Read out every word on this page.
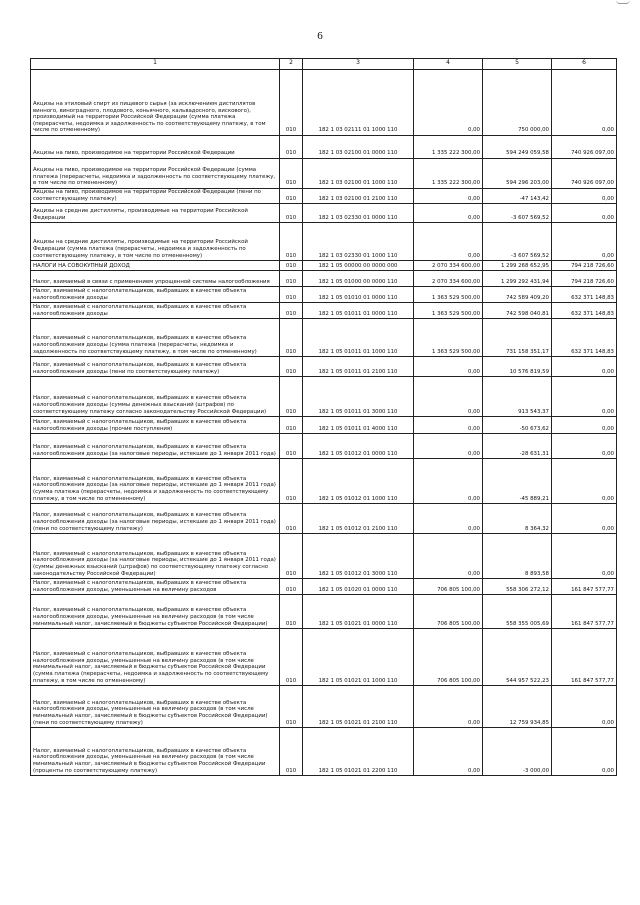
6
1	2	3	4	5	6
Акцизы на этиловый спирт из пищевого сырья (за исключением дистиллятов винного, виноградного, плодового, коньячного, кальвадосного, вискового), производимый на территории Российской Федерации (сумма платежа (перерасчеты, недоимка и задолженность по соответствующему платежу, в том числе по отмененному)	010	182 1 03 02111 01 1000 110	0,00	750 000,00	0,00
Акцизы на пиво, производимое на территории Российской Федерации	010	182 1 03 02100 01 0000 110	1 335 222 300,00	594 249 059,58	740 926 097,00
Акцизы на пиво, производимое на территории Российской Федерации (сумма платежа (перерасчеты, недоимка и задолженность по соответствующему платежу, в том числе по отмененному)	010	182 1 03 02100 01 1000 110	1 335 222 300,00	594 296 203,00	740 926 097,00
Акцизы на пиво, производимое на территории Российской Федерации (пени по соответствующему платежу)	010	182 1 03 02100 01 2100 110	0,00	-47 143,42	0,00
Акцизы на средние дистилляты, производимые на территории Российской Федерации	010	182 1 03 02330 01 0000 110	0,00	-3 607 569,52	0,00
Акцизы на средние дистилляты, производимые на территории Российской Федерации (сумма платежа (перерасчеты, недоимка и задолженность по соответствующему платежу, в том числе по отмененному)	010	182 1 03 02330 01 1000 110	0,00	-3 607 569,52	0,00
НАЛОГИ НА СОВОКУПНЫЙ ДОХОД	010	182 1 05 00000 00 0000 000	2 070 334 600,00	1 299 268 652,95	794 218 726,60
Налог, взимаемый в связи с применением упрощенной системы налогообложения	010	182 1 05 01000 00 0000 110	2 070 334 600,00	1 299 292 431,94	794 218 726,60
Налог, взимаемый с налогоплательщиков, выбравших в качестве объекта налогообложения доходы	010	182 1 05 01010 01 0000 110	1 363 529 500,00	742 589 409,20	632 371 148,83
Налог, взимаемый с налогоплательщиков, выбравших в качестве объекта налогообложения доходы	010	182 1 05 01011 01 0000 110	1 363 529 500,00	742 598 040,81	632 371 148,83
Налог, взимаемый с налогоплательщиков, выбравших в качестве объекта налогообложения доходы (сумма платежа (перерасчеты, недоимка и задолженность по соответствующему платежу, в том числе по отмененному)	010	182 1 05 01011 01 1000 110	1 363 529 500,00	731 158 351,17	632 371 148,83
Налог, взимаемый с налогоплательщиков, выбравших в качестве объекта налогообложения доходы (пени по соответствующему платежу)	010	182 1 05 01011 01 2100 110	0,00	10 576 819,59	0,00
Налог, взимаемый с налогоплательщиков, выбравших в качестве объекта налогообложения доходы (суммы денежных взысканий (штрафов) по соответствующему платежу согласно законодательству Российской Федерации)	010	182 1 05 01011 01 3000 110	0,00	913 543,37	0,00
Налог, взимаемый с налогоплательщиков, выбравших в качестве объекта налогообложения доходы (прочие поступления)	010	182 1 05 01011 01 4000 110	0,00	-50 673,62	0,00
Налог, взимаемый с налогоплательщиков, выбравших в качестве объекта налогообложения доходы (за налоговые периоды, истекшие до 1 января 2011 года)	010	182 1 05 01012 01 0000 110	0,00	-28 631,31	0,00
Налог, взимаемый с налогоплательщиков, выбравших в качестве объекта налогообложения доходы (за налоговые периоды, истекшие до 1 января 2011 года) (сумма платежа (перерасчеты, недоимка и задолженность по соответствующему платежу, в том числе по отмененному)	010	182 1 05 01012 01 1000 110	0,00	-45 889,21	0,00
Налог, взимаемый с налогоплательщиков, выбравших в качестве объекта налогообложения доходы (за налоговые периоды, истекшие до 1 января 2011 года) (пени по соответствующему платежу)	010	182 1 05 01012 01 2100 110	0,00	8 364,32	0,00
Налог, взимаемый с налогоплательщиков, выбравших в качестве объекта налогообложения доходы (за налоговые периоды, истекшие до 1 января 2011 года) (суммы денежных взысканий (штрафов) по соответствующему платежу согласно законодательству Российской Федерации)	010	182 1 05 01012 01 3000 110	0,00	8 893,58	0,00
Налог, взимаемый с налогоплательщиков, выбравших в качестве объекта налогообложения доходы, уменьшенные на величину расходов	010	182 1 05 01020 01 0000 110	706 805 100,00	558 306 272,12	161 847 577,77
Налог, взимаемый с налогоплательщиков, выбравших в качестве объекта налогообложения доходы, уменьшенные на величину расходов (в том числе минимальный налог, зачисляемый в бюджеты субъектов Российской Федерации)	010	182 1 05 01021 01 0000 110	706 805 100,00	558 355 005,69	161 847 577,77
Налог, взимаемый с налогоплательщиков, выбравших в качестве объекта налогообложения доходы, уменьшенные на величину расходов (в том числе минимальный налог, зачисляемый в бюджеты субъектов Российской Федерации (сумма платежа (перерасчеты, недоимка и задолженность по соответствующему платежу, в том числе по отмененному)	010	182 1 05 01021 01 1000 110	706 805 100,00	544 957 522,23	161 847 577,77
Налог, взимаемый с налогоплательщиков, выбравших в качестве объекта налогообложения доходы, уменьшенные на величину расходов (в том числе минимальный налог, зачисляемый в бюджеты субъектов Российской Федерации) (пени по соответствующему платежу)	010	182 1 05 01021 01 2100 110	0,00	12 759 934,85	0,00
Налог, взимаемый с налогоплательщиков, выбравших в качестве объекта налогообложения доходы, уменьшенные на величину расходов (в том числе минимальный налог, зачисляемый в бюджеты субъектов Российской Федерации (проценты по соответствующему платежу)	010	182 1 05 01021 01 2200 110	0,00	-3 000,00	0,00
